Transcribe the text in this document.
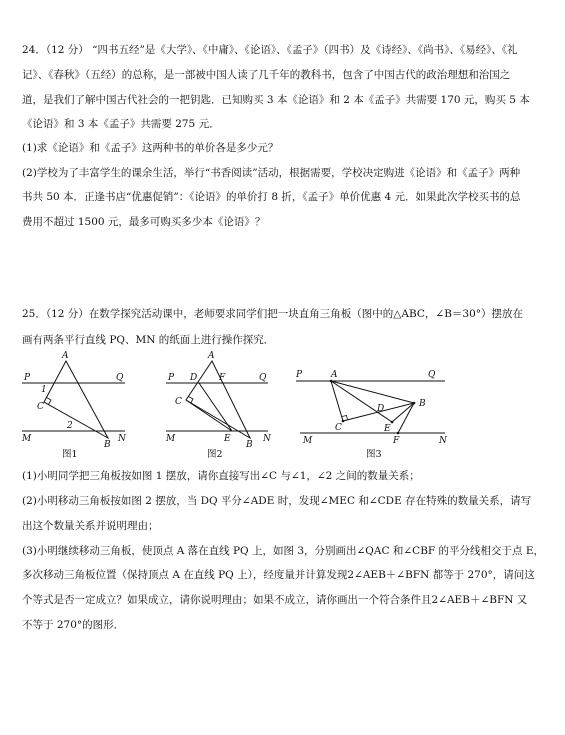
24．（12 分） “四书五经”是《大学》、《中庸》、《论语》、《孟子》（四书）及《诗经》、《尚书》、《易经》、《礼
记》、《春秋》（五经）的总称，是一部被中国人读了几千年的教科书，包含了中国古代的政治理想和治国之
道，是我们了解中国古代社会的一把钥匙．已知购买 3 本《论语》和 2 本《孟子》共需要 170 元，购买 5 本
《论语》和 3 本《孟子》共需要 275 元．
(1)求《论语》和《孟子》这两种书的单价各是多少元？
(2)学校为了丰富学生的课余生活，举行“书香阅读”活动，根据需要，学校决定购进《论语》和《孟子》两种
书共 50 本．正逢书店“优惠促销”：《论语》的单价打 8 折，《孟子》单价优惠 4 元．如果此次学校买书的总
费用不超过 1500 元，最多可购买多少本《论语》？
25．（12 分）在数学探究活动课中，老师要求同学们把一块直角三角板（图中的△ABC，∠B＝30°）摆放在
画有两条平行直线 PQ、MN 的纸面上进行操作探究．
A
P	Q
1
C
2
M
B
N
图1
A
P D F	Q
C
M	E	N
B
图2
P	A	Q
D	B
C	E
M	F	N
图3
(1)小明同学把三角板按如图 1 摆放，请你直接写出∠C 与∠1，∠2 之间的数量关系；
(2)小明移动三角板按如图 2 摆放，当 DQ 平分∠ADE 时，发现∠MEC 和∠CDE 存在特殊的数量关系，请写
出这个数量关系并说明理由；
(3)小明继续移动三角板，使顶点 A 落在直线 PQ 上，如图 3，分别画出∠QAC 和∠CBF 的平分线相交于点 E，
多次移动三角板位置（保持顶点 A 在直线 PQ 上），经度量并计算发现2∠AEB＋∠BFN 都等于 270°，请问这
个等式是否一定成立？如果成立，请你说明理由；如果不成立，请你画出一个符合条件且2∠AEB＋∠BFN 又
不等于 270°的图形．
